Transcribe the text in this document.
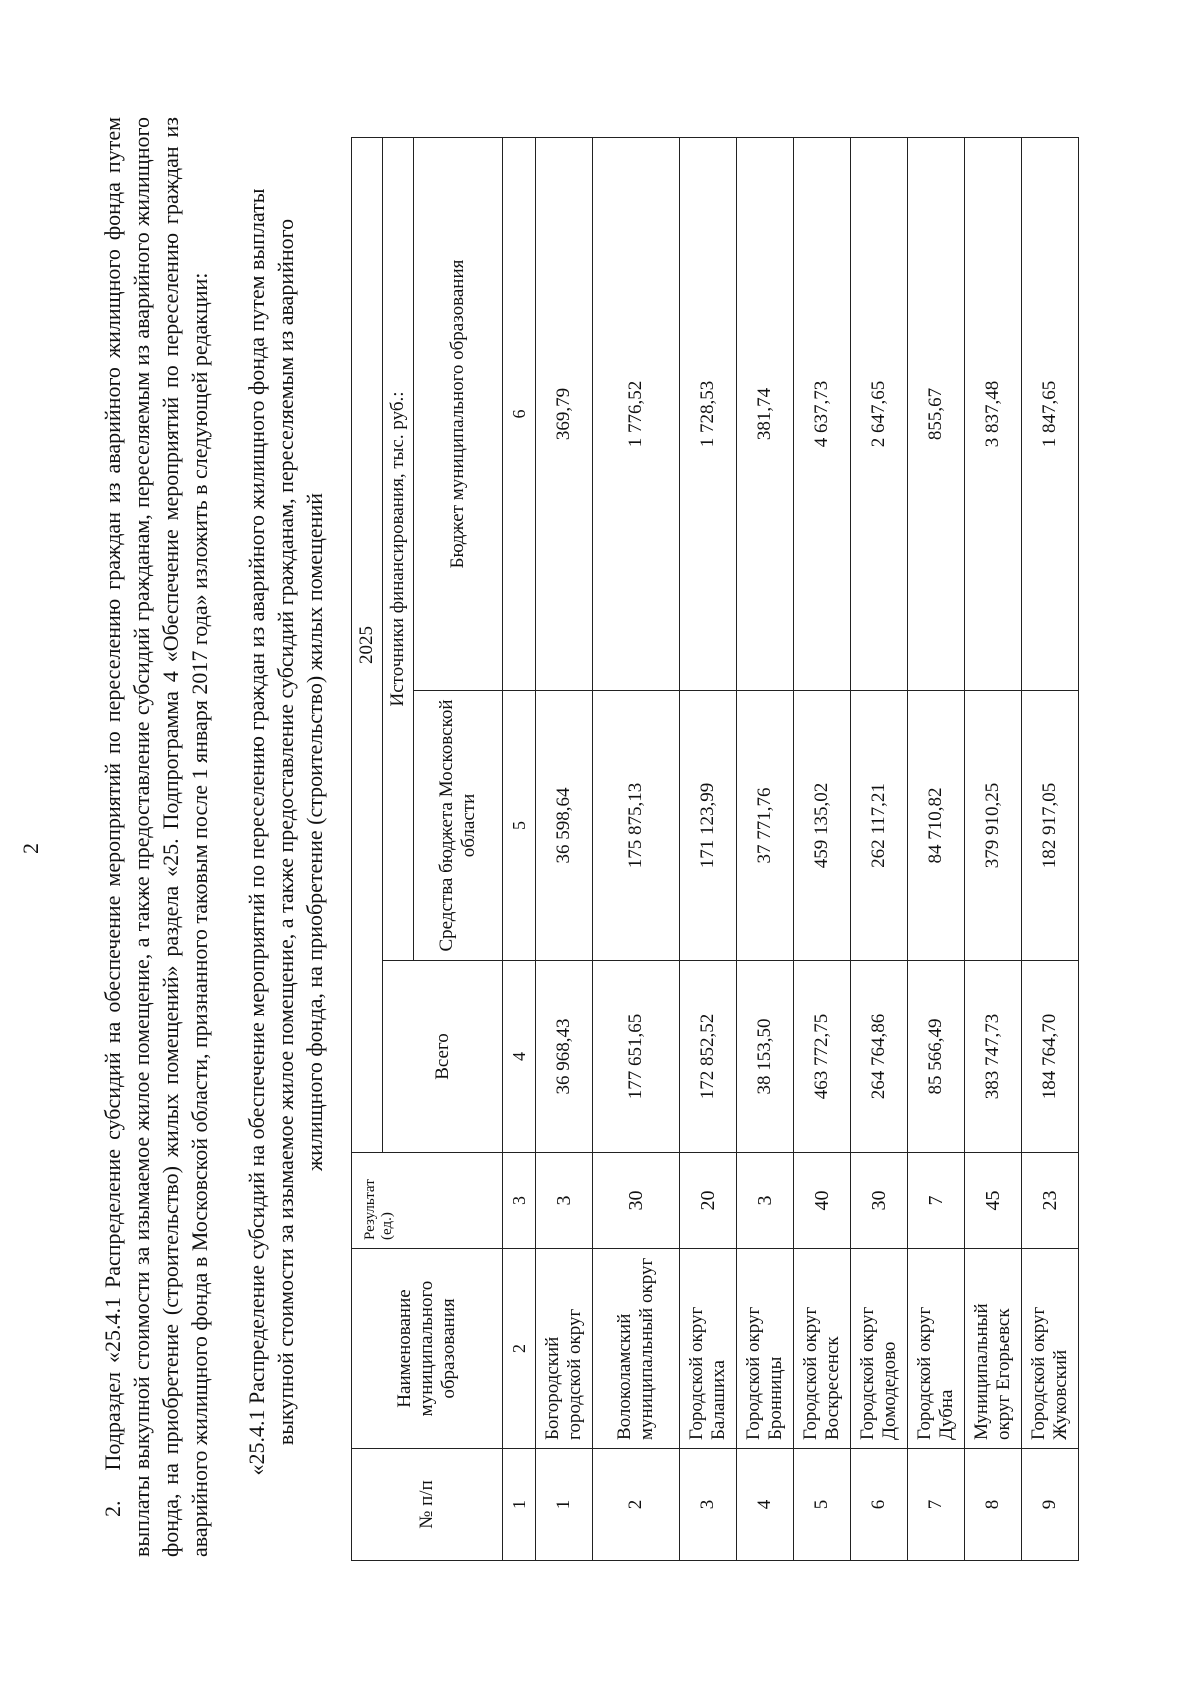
2

2.Подраздел «25.4.1 Распределение субсидий на обеспечение мероприятий по переселению граждан из аварийного жилищного фонда путем выплаты выкупной стоимости за изымаемое жилое помещение, а также предоставление субсидий гражданам, переселяемым из аварийного жилищного фонда, на приобретение (строительство) жилых помещений» раздела «25. Подпрограмма 4 «Обеспечение мероприятий по переселению граждан из аварийного жилищного фонда в Московской области, признанного таковым после 1 января 2017 года» изложить в следующей редакции: «25.4.1 Распределение субсидий на обеспечение мероприятий по переселению граждан из аварийного жилищного фонда путем выплаты выкупной стоимости за изымаемое жилое помещение, а также предоставление субсидий гражданам, переселяемым из аварийного жилищного фонда, на приобретение (строительство) жилых помещений

№ п/п	Наименование муниципального образования	Результат (ед.)	2025		
			Всего	Источники финансирования, тыс. руб.:	
				Средства бюджета Московской области	Бюджет муниципального образования
1	2	3	4	5	6
1	Богородский городской округ	3	36 968,43	36 598,64	369,79
2	Волоколамский муниципальный округ	30	177 651,65	175 875,13	1 776,52
3	Городской округ Балашиха	20	172 852,52	171 123,99	1 728,53
4	Городской округ Бронницы	3	38 153,50	37 771,76	381,74
5	Городской округ Воскресенск	40	463 772,75	459 135,02	4 637,73
6	Городской округ Домодедово	30	264 764,86	262 117,21	2 647,65
7	Городской округ Дубна	7	85 566,49	84 710,82	855,67
8	Муниципальный округ Егорьевск	45	383 747,73	379 910,25	3 837,48
9	Городской округ Жуковский	23	184 764,70	182 917,05	1 847,65
